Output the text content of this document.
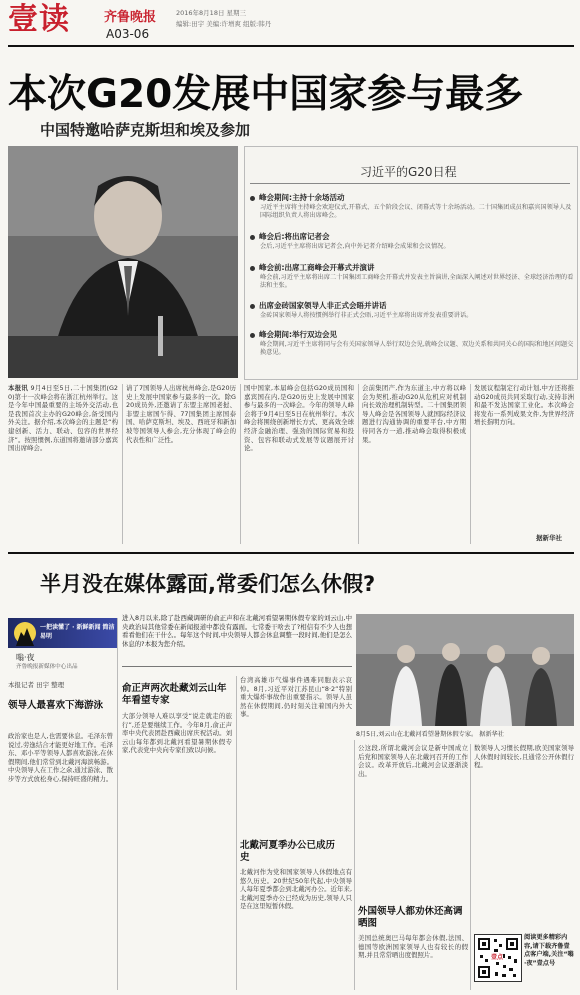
壹读	齐鲁晚报	2016年8月18日 星期三
编辑:田宇 美编:许增爽 组版:韩丹
A03-06
本次G20发展中国家参与最多
中国特邀哈萨克斯坦和埃及参加
习近平的G20日程
峰会期间:主持十余场活动
习近平主席将主持峰会欢迎仪式,开幕式、五个阶段会议、闭幕式等十余场活动。二十国集团成员和嘉宾国领导人及国际组织负责人将出席峰会。
峰会后:将出席记者会
会后,习近平主席将出席记者会,向中外记者介绍峰会成果和会议情况。
峰会前:出席工商峰会开幕式并演讲
峰会前,习近平主席将出席二十国集团工商峰会开幕式并发表主旨演讲,全面深入阐述对世界经济、全球经济治理的看法和主张。
出席金砖国家领导人非正式会晤并讲话
金砖国家领导人将按惯例举行非正式会晤,习近平主席将出席并发表重要讲话。
峰会期间:举行双边会见
峰会期间,习近平主席将同与会有关国家领导人举行双边会见,就峰会议题、双边关系和共同关心的国际和地区问题交换意见。
本报讯 9月4日至5日,二十国集团(G20)第十一次峰会将在浙江杭州举行。这是今年中国最重要的主场外交活动,也是我国首次主办的G20峰会,备受国内外关注。据介绍,本次峰会的主题是“构建创新、活力、联动、包容的世界经济”。按照惯例,东道国将邀请部分嘉宾国出席峰会。
请了7国领导人出席杭州峰会,是G20历史上发展中国家参与最多的一次。除G20成员外,还邀请了东盟主席国老挝、非盟主席国乍得、77国集团主席国泰国、哈萨克斯坦、埃及、西班牙和新加坡等国领导人参会,充分体现了峰会的代表性和广泛性。
国中国家,本届峰会包括G20成员国和嘉宾国在内,是G20历史上发展中国家参与最多的一次峰会。今年的领导人峰会将于9月4日至5日在杭州举行。本次峰会将围绕创新增长方式、更高效全球经济金融治理、强劲的国际贸易和投资、包容和联动式发展等议题展开讨论。
会前集团产,作为东道主,中方将以峰会为契机,推动G20从危机应对机制向长效治理机制转型。二十国集团领导人峰会是各国领导人就国际经济议题进行沟通协调的重要平台,中方期待同各方一道,推动峰会取得积极成果。
发展议程制定行动计划,中方还将推动G20成员共同采取行动,支持非洲和最不发达国家工业化。本次峰会将发布一系列成果文件,为世界经济增长指明方向。
据新华社
半月没在媒体露面,常委们怎么休假?
一把读懂了 · 新鲜新闻 简洁易明
嗡·夜
齐鲁晚报新媒体中心出品
本报记者 田宇 整理
领导人最喜欢下海游泳
政治家也是人,也需要休息。毛泽东曾说过,劳逸结合才能更好地工作。毛泽东、邓小平等领导人都喜欢游泳,在休假期间,他们常常到北戴河海滨畅游。中央领导人在工作之余,通过游泳、散步等方式放松身心,保持旺盛的精力。
进入8月以来,除了赴西藏调研的俞正声和在北戴河看望暑期休假专家的刘云山,中央政治局其他常委在新闻报道中都没有露面。七常委干啥去了?相信有不少人也想看看他们在干什么。每年这个时间,中央领导人都会休息调整一段时间,他们是怎么休息的?本报为您介绍。
俞正声两次赴藏刘云山年年看望专家
大部分领导人难以享受“说走就走的旅行”,还是要继续工作。今年8月,俞正声率中央代表团赴西藏出席庆祝活动。刘云山每年都到北戴河看望暑期休假专家,代表党中央向专家们致以问候。
台湾高雄市气爆事件遇难同胞表示哀悼。8月,习近平对江苏昆山“8·2”特别重大爆炸事故作出重要指示。领导人虽然在休假期间,仍时刻关注着国内外大事。
8月5日,刘云山在北戴河看望暑期休假专家。 据新华社
北戴河夏季办公已成历史
北戴河作为党和国家领导人休假地点有悠久历史。20世纪50年代起,中央领导人每年夏季都会到北戴河办公。近年来,北戴河夏季办公已经成为历史,领导人只是在这里短暂休假。
公这段,所谓北戴河会议是新中国成立后党和国家领导人在北戴河召开的工作会议。改革开放后,北戴河会议逐渐淡出。
外国领导人都劝休还高调晒图
美国总统奥巴马每年都会休假,法国、德国等欧洲国家领导人也有较长的假期,并且常常晒出度假照片。
数领导人习惯长假期,欧美国家领导人休假时间较长,且通常公开休假行程。
壹点
阅读更多精彩内容,请下载齐鲁壹点客户端,关注“嗡·夜”壹点号
